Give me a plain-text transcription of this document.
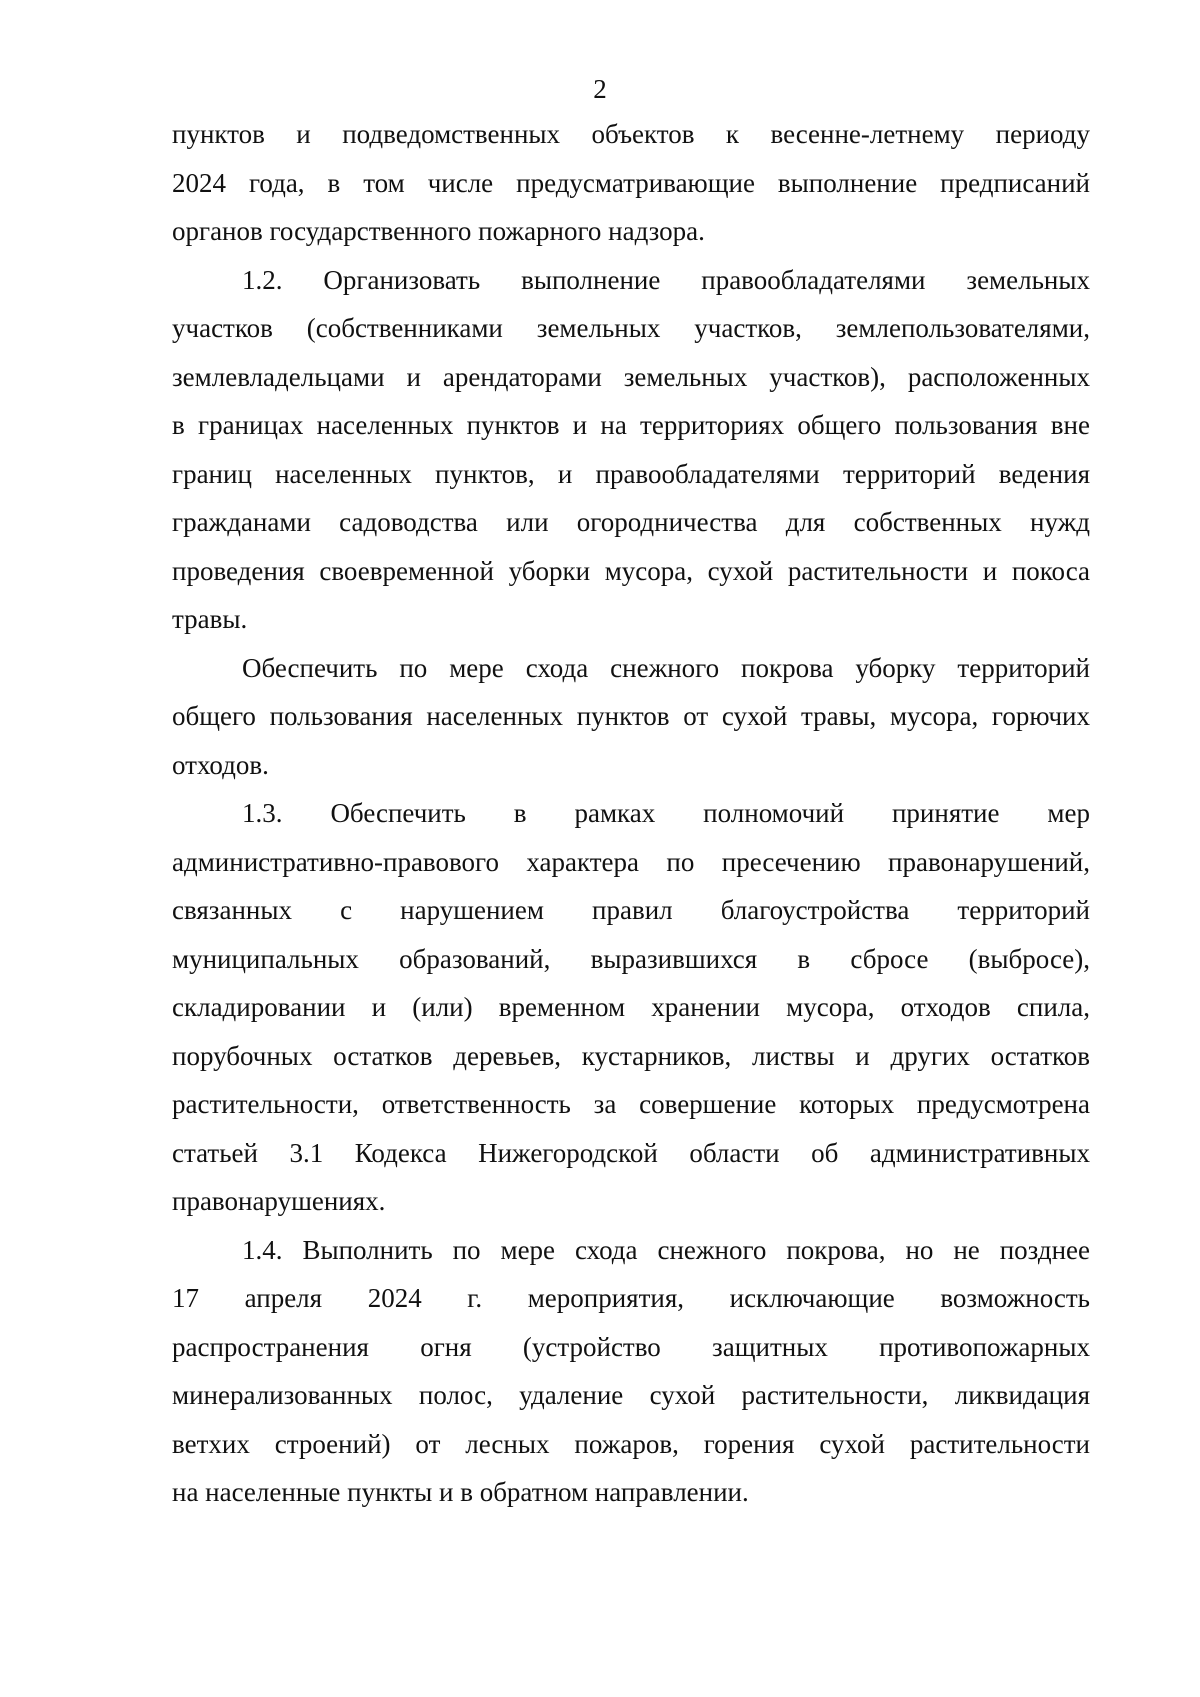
2
пунктов и подведомственных объектов к весенне-летнему периоду
2024 года, в том числе предусматривающие выполнение предписаний
органов государственного пожарного надзора.
1.2. Организовать выполнение правообладателями земельных
участков (собственниками земельных участков, землепользователями,
землевладельцами и арендаторами земельных участков), расположенных
в границах населенных пунктов и на территориях общего пользования вне
границ населенных пунктов, и правообладателями территорий ведения
гражданами садоводства или огородничества для собственных нужд
проведения своевременной уборки мусора, сухой растительности и покоса
травы.
Обеспечить по мере схода снежного покрова уборку территорий
общего пользования населенных пунктов от сухой травы, мусора, горючих
отходов.
1.3. Обеспечить в рамках полномочий принятие мер
административно-правового характера по пресечению правонарушений,
связанных с нарушением правил благоустройства территорий
муниципальных образований, выразившихся в сбросе (выбросе),
складировании и (или) временном хранении мусора, отходов спила,
порубочных остатков деревьев, кустарников, листвы и других остатков
растительности, ответственность за совершение которых предусмотрена
статьей 3.1 Кодекса Нижегородской области об административных
правонарушениях.
1.4. Выполнить по мере схода снежного покрова, но не позднее
17 апреля 2024 г. мероприятия, исключающие возможность
распространения огня (устройство защитных противопожарных
минерализованных полос, удаление сухой растительности, ликвидация
ветхих строений) от лесных пожаров, горения сухой растительности
на населенные пункты и в обратном направлении.
